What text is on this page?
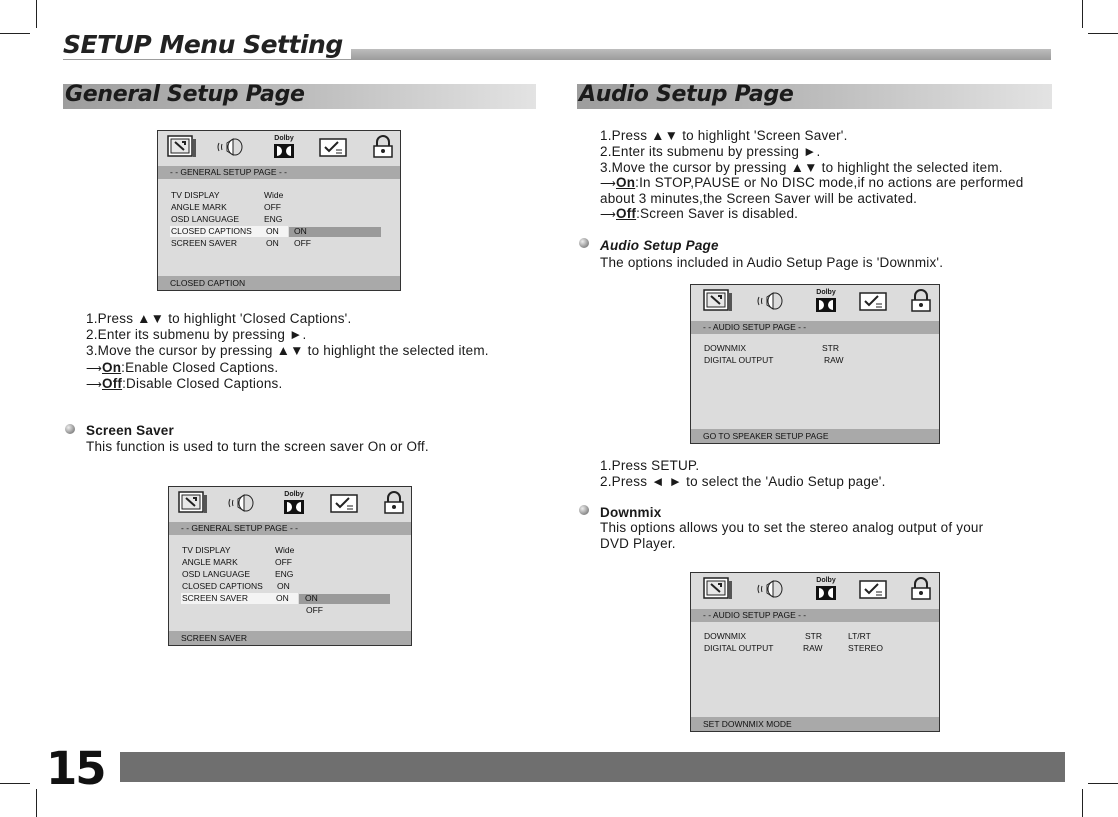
SETUP Menu Setting
General Setup Page	Audio Setup Page
Dolby
- - GENERAL SETUP PAGE - -
TV DISPLAY	Wide
ANGLE MARK	OFF
OSD LANGUAGE	ENG
CLOSED CAPTIONS ON ON
SCREEN SAVER	ON OFF
CLOSED CAPTION
1.Press ▲▼ to highlight 'Closed Captions'.
2.Enter its submenu by pressing ►.
3.Move the cursor by pressing ▲▼ to highlight the selected item.
⟶On:Enable Closed Captions.
⟶Off:Disable Closed Captions.
Screen Saver
This function is used to turn the screen saver On or Off.
Dolby
- - GENERAL SETUP PAGE - -
TV DISPLAY	Wide
ANGLE MARK	OFF
OSD LANGUAGE	ENG
CLOSED CAPTIONS ON
SCREEN SAVER	ON ON
OFF
SCREEN SAVER
1.Press ▲▼ to highlight 'Screen Saver'.
2.Enter its submenu by pressing ►.
3.Move the cursor by pressing ▲▼ to highlight the selected item.
⟶On:In STOP,PAUSE or No DISC mode,if no actions are performed
about 3 minutes,the Screen Saver will be activated.
⟶Off:Screen Saver is disabled.
Audio Setup Page
The options included in Audio Setup Page is 'Downmix'.
Dolby
- - AUDIO SETUP PAGE - -
DOWNMIX	STR
DIGITAL OUTPUT	RAW
GO TO SPEAKER SETUP PAGE
1.Press SETUP.
2.Press ◄ ► to select the 'Audio Setup page'.
Downmix
This options allows you to set the stereo analog output of your
DVD Player.
Dolby
- - AUDIO SETUP PAGE - -
DOWNMIX	STR	LT/RT
DIGITAL OUTPUT	RAW	STEREO
SET DOWNMIX MODE
15
